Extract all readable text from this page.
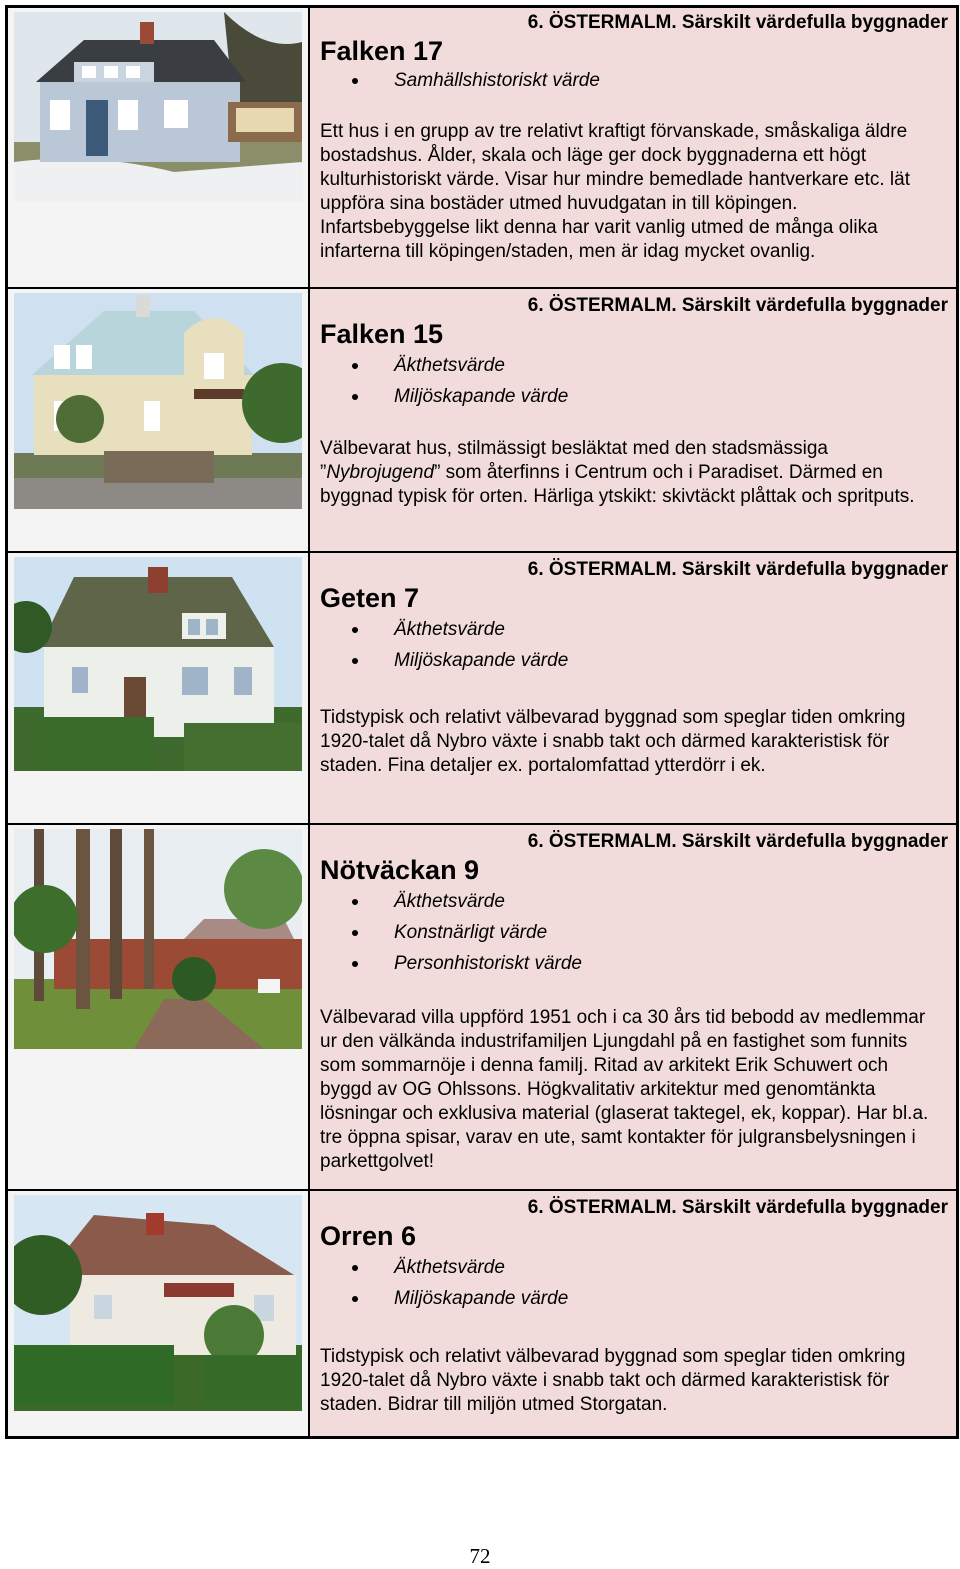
6. ÖSTERMALM. Särskilt värdefulla byggnader
Falken 17
Samhällshistoriskt värde
Ett hus i en grupp av tre relativt kraftigt förvanskade, småskaliga äldre bostadshus. Ålder, skala och läge ger dock byggnaderna ett högt kulturhistoriskt värde. Visar hur mindre bemedlade hantverkare etc. lät uppföra sina bostäder utmed huvudgatan in till köpingen. Infartsbebyggelse likt denna har varit vanlig utmed de många olika infarterna till köpingen/staden, men är idag mycket ovanlig.
6. ÖSTERMALM. Särskilt värdefulla byggnader
Falken 15
Äkthetsvärde
Miljöskapande värde
Välbevarat hus, stilmässigt besläktat med den stadsmässiga ”Nybrojugend” som återfinns i Centrum och i Paradiset. Därmed en byggnad typisk för orten. Härliga ytskikt: skivtäckt plåttak och spritputs.
6. ÖSTERMALM. Särskilt värdefulla byggnader
Geten 7
Äkthetsvärde
Miljöskapande värde
Tidstypisk och relativt välbevarad byggnad som speglar tiden omkring 1920-talet då Nybro växte i snabb takt och därmed karakteristisk för staden. Fina detaljer ex. portalomfattad ytterdörr i ek.
6. ÖSTERMALM. Särskilt värdefulla byggnader
Nötväckan 9
Äkthetsvärde
Konstnärligt värde
Personhistoriskt värde
Välbevarad villa uppförd 1951 och i ca 30 års tid bebodd av medlemmar ur den välkända industrifamiljen Ljungdahl på en fastighet som funnits som sommarnöje i denna familj. Ritad av arkitekt Erik Schuwert och byggd av OG Ohlssons. Högkvalitativ arkitektur med genomtänkta lösningar och exklusiva material (glaserat taktegel, ek, koppar). Har bl.a. tre öppna spisar, varav en ute, samt kontakter för julgransbelysningen i parkettgolvet!
6. ÖSTERMALM. Särskilt värdefulla byggnader
Orren 6
Äkthetsvärde
Miljöskapande värde
Tidstypisk och relativt välbevarad byggnad som speglar tiden omkring 1920-talet då Nybro växte i snabb takt och därmed karakteristisk för staden. Bidrar till miljön utmed Storgatan.
72
